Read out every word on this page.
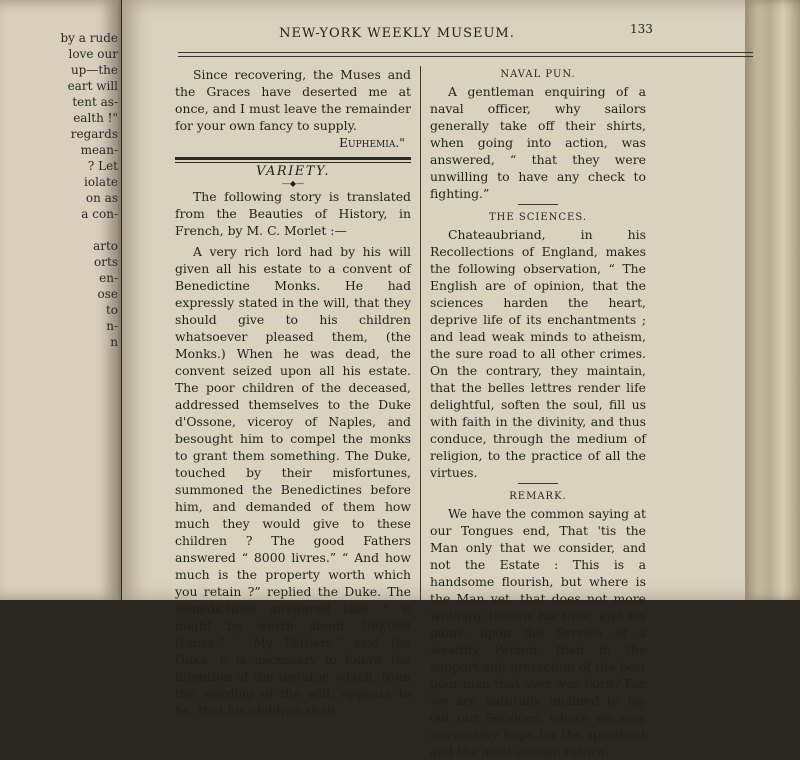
by a rude
love our
up—the
eart will
tent as-
ealth !"
regards
mean-
? Let
iolate
on as
a con-

arto
orts
en-
ose
to
n-
n
NEW-YORK WEEKLY MUSEUM.	133

Since recovering, the Muses and the Graces have deserted me at once, and I must leave the remainder for your own fancy to supply.

Euphemia."

VARIETY.

—◆—

The following story is translated from the Beauties of History, in French, by M. C. Morlet :—

A very rich lord had by his will given all his estate to a convent of Benedictine Monks. He had expressly stated in the will, that they should give to his children whatsoever pleased them, (the Monks.) When he was dead, the convent seized upon all his estate. The poor children of the deceased, addressed themselves to the Duke d'Ossone, viceroy of Naples, and besought him to compel the monks to grant them something. The Duke, touched by their misfortunes, summoned the Benedictines before him, and demanded of them how much they would give to these children ? The good Fathers answered “ 8000 livres.” “ And how much is the property worth which you retain ?” replied the Duke. The Benedictines answered that “ it might be worth about 100,000 francs.” “ My Fathers,” said the Duke, it is necessary to follow the intention of the testator, which, from the wording of the will, appears to be, that his children shall

NAVAL PUN.

A gentleman enquiring of a naval officer, why sailors generally take off their shirts, when going into action, was answered, “ that they were unwilling to have any check to fighting.”

THE SCIENCES.

Chateaubriand, in his Recollections of England, makes the following observation, “ The English are of opinion, that the sciences harden the heart, deprive life of its enchantments ; and lead weak minds to atheism, the sure road to all other crimes. On the contrary, they maintain, that the belles lettres render life delightful, soften the soul, fill us with faith in the divinity, and thus conduce, through the medium of religion, to the practice of all the virtues.

REMARK.

We have the common saying at our Tongues end, That 'tis the Man only that we consider, and not the Estate : This is a handsome flourish, but where is the Man yet, that does not more willingly bestow his time, and his pains, upon the Service of a wealthy Person, than in the support and protection of the best poor man that ever was born? For we are naturally inclined to lay out our Services, where we may reasonably hope for the speediest and the most certain return.
